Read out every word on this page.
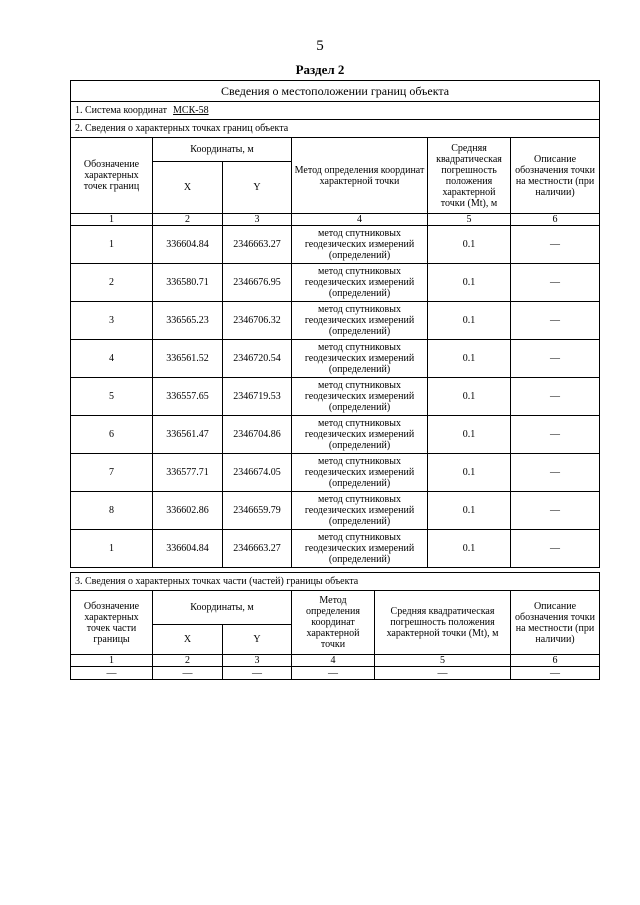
5
Раздел 2
Сведения о местоположении границ объекта					
1. Система координат МСК-58					
2. Сведения о характерных точках границ объекта					
Обозначение характерных точек границ	Координаты, м		Метод определения координат характерной точки	Средняя квадратическая погрешность положения характерной точки (Mt), м	Описание обозначения точки на местности (при наличии)
	X	Y			
1	2	3	4	5	6
1	336604.84	2346663.27	метод спутниковых геодезических измерений (определений)	0.1	—
2	336580.71	2346676.95	метод спутниковых геодезических измерений (определений)	0.1	—
3	336565.23	2346706.32	метод спутниковых геодезических измерений (определений)	0.1	—
4	336561.52	2346720.54	метод спутниковых геодезических измерений (определений)	0.1	—
5	336557.65	2346719.53	метод спутниковых геодезических измерений (определений)	0.1	—
6	336561.47	2346704.86	метод спутниковых геодезических измерений (определений)	0.1	—
7	336577.71	2346674.05	метод спутниковых геодезических измерений (определений)	0.1	—
8	336602.86	2346659.79	метод спутниковых геодезических измерений (определений)	0.1	—
1	336604.84	2346663.27	метод спутниковых геодезических измерений (определений)	0.1	—
3. Сведения о характерных точках части (частей) границы объекта					
Обозначение характерных точек части границы	Координаты, м		Метод определения координат характерной точки	Средняя квадратическая погрешность положения характерной точки (Mt), м	Описание обозначения точки на местности (при наличии)
	X	Y			
1	2	3	4	5	6
—	—	—	—	—	—
